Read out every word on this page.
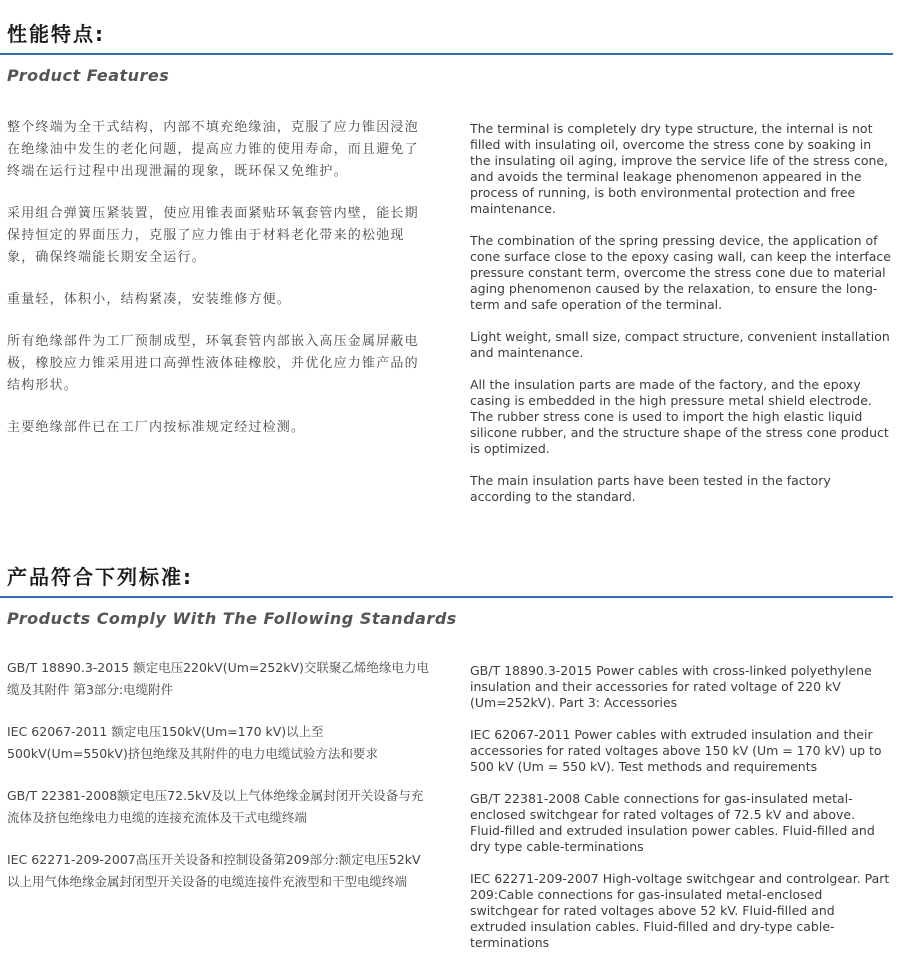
性能特点:
Product Features

整个终端为全干式结构，内部不填充绝缘油，克服了应力锥因浸泡在绝缘油中发生的老化问题，提高应力锥的使用寿命，而且避免了终端在运行过程中出现泄漏的现象，既环保又免维护。

采用组合弹簧压紧装置，使应用锥表面紧贴环氧套管内壁，能长期保持恒定的界面压力，克服了应力锥由于材料老化带来的松弛现象，确保终端能长期安全运行。

重量轻，体积小，结构紧凑，安装维修方便。

所有绝缘部件为工厂预制成型，环氧套管内部嵌入高压金属屏蔽电极，橡胶应力锥采用进口高弹性液体硅橡胶，并优化应力锥产品的结构形状。

主要绝缘部件已在工厂内按标准规定经过检测。

The terminal is completely dry type structure, the internal is not filled with insulating oil, overcome the stress cone by soaking in the insulating oil aging, improve the service life of the stress cone, and avoids the terminal leakage phenomenon appeared in the process of running, is both environmental protection and free maintenance.

The combination of the spring pressing device, the application of cone surface close to the epoxy casing wall, can keep the interface pressure constant term, overcome the stress cone due to material aging phenomenon caused by the relaxation, to ensure the long-term and safe operation of the terminal.

Light weight, small size, compact structure, convenient installation and maintenance.

All the insulation parts are made of the factory, and the epoxy casing is embedded in the high pressure metal shield electrode. The rubber stress cone is used to import the high elastic liquid silicone rubber, and the structure shape of the stress cone product is optimized.

The main insulation parts have been tested in the factory according to the standard.

产品符合下列标准:
Products Comply With The Following Standards

GB/T 18890.3-2015 额定电压220kV(Um=252kV)交联聚乙烯绝缘电力电缆及其附件 第3部分:电缆附件

IEC 62067-2011 额定电压150kV(Um=170 kV)以上至500kV(Um=550kV)挤包绝缘及其附件的电力电缆试验方法和要求

GB/T 22381-2008额定电压72.5kV及以上气体绝缘金属封闭开关设备与充流体及挤包绝缘电力电缆的连接充流体及干式电缆终端

IEC 62271-209-2007高压开关设备和控制设备第209部分:额定电压52kV以上用气体绝缘金属封闭型开关设备的电缆连接件充液型和干型电缆终端

GB/T 18890.3-2015 Power cables with cross-linked polyethylene insulation and their accessories for rated voltage of 220 kV (Um=252kV). Part 3: Accessories

IEC 62067-2011 Power cables with extruded insulation and their accessories for rated voltages above 150 kV (Um = 170 kV) up to 500 kV (Um = 550 kV). Test methods and requirements

GB/T 22381-2008 Cable connections for gas-insulated metal-enclosed switchgear for rated voltages of 72.5 kV and above. Fluid-filled and extruded insulation power cables. Fluid-filled and dry type cable-terminations

IEC 62271-209-2007 High-voltage switchgear and controlgear. Part 209:Cable connections for gas-insulated metal-enclosed switchgear for rated voltages above 52 kV. Fluid-filled and extruded insulation cables. Fluid-filled and dry-type cable-terminations
